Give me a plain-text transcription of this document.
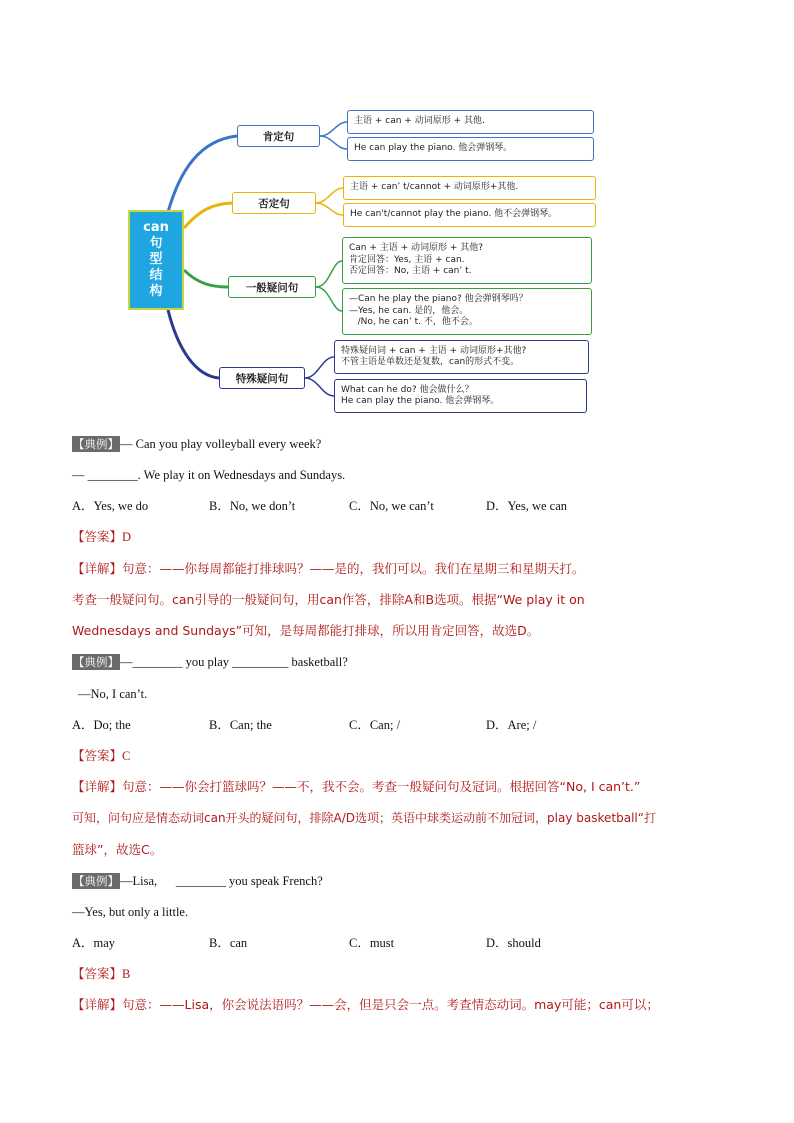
can
句
型
结
构
肯定句
主语 + can + 动词原形 + 其他.
He can play the piano. 他会弹钢琴。
否定句
主语 + can’ t/cannot + 动词原形+其他.
He can't/cannot play the piano. 他不会弹钢琴。
一般疑问句
Can + 主语 + 动词原形 + 其他?
肯定回答：Yes, 主语 + can.
否定回答：No, 主语 + can’ t.
—Can he play the piano? 他会弹钢琴吗？
—Yes, he can. 是的，他会。
/No, he can’ t. 不，他不会。
特殊疑问句
特殊疑问词 + can + 主语 + 动词原形+其他?
不管主语是单数还是复数，can的形式不变。
What can he do? 他会做什么？
He can play the piano. 他会弹钢琴。
【典例】— Can you play volleyball every week?
— ________. We play it on Wednesdays and Sundays.
A．Yes, we do	B．No, we don’t	C．No, we can’t	D．Yes, we can
【答案】D
【详解】句意：——你每周都能打排球吗？——是的，我们可以。我们在星期三和星期天打。
考查一般疑问句。can引导的一般疑问句，用can作答，排除A和B选项。根据“We play it on
Wednesdays and Sundays”可知，是每周都能打排球，所以用肯定回答，故选D。
【典例】—________ you play _________ basketball?
—No, I can’t.
A．Do; the	B．Can; the	C．Can; /	D．Are; /
【答案】C
【详解】句意：——你会打篮球吗？——不，我不会。考查一般疑问句及冠词。根据回答“No, I can’t.”
可知，问句应是情态动词can开头的疑问句，排除A/D选项；英语中球类运动前不加冠词，play basketball“打
篮球”，故选C。
【典例】—Lisa,      ________ you speak French?
—Yes, but only a little.
A．may	B．can	C．must	D．should
【答案】B
【详解】句意：——Lisa，你会说法语吗？——会，但是只会一点。考查情态动词。may可能；can可以；
